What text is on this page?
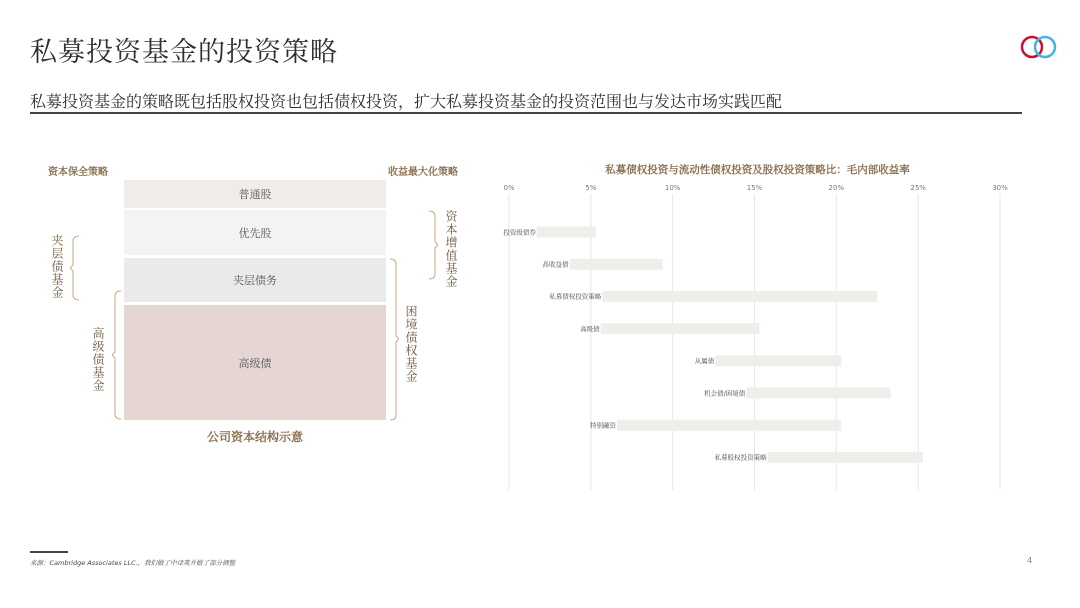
私募投资基金的投资策略
私募投资基金的策略既包括股权投资也包括债权投资，扩大私募投资基金的投资范围也与发达市场实践匹配
资本保全策略	收益最大化策略
普通股
优先股
夹层债务
高级债
公司资本结构示意
夹层债基金
高级债基金
资本增值基金
困境债权基金
私募债权投资与流动性债权投资及股权投资策略比：毛内部收益率
0%	5%	10%	15%	20%	25%	30%
投资级债券
高收益债
私募债权投资策略
高级债
从属债
机会债/困境债
特别融资
私募股权投资策略
来源：Cambridge Associates LLC.，我们做了中译英并做了部分调整	4
